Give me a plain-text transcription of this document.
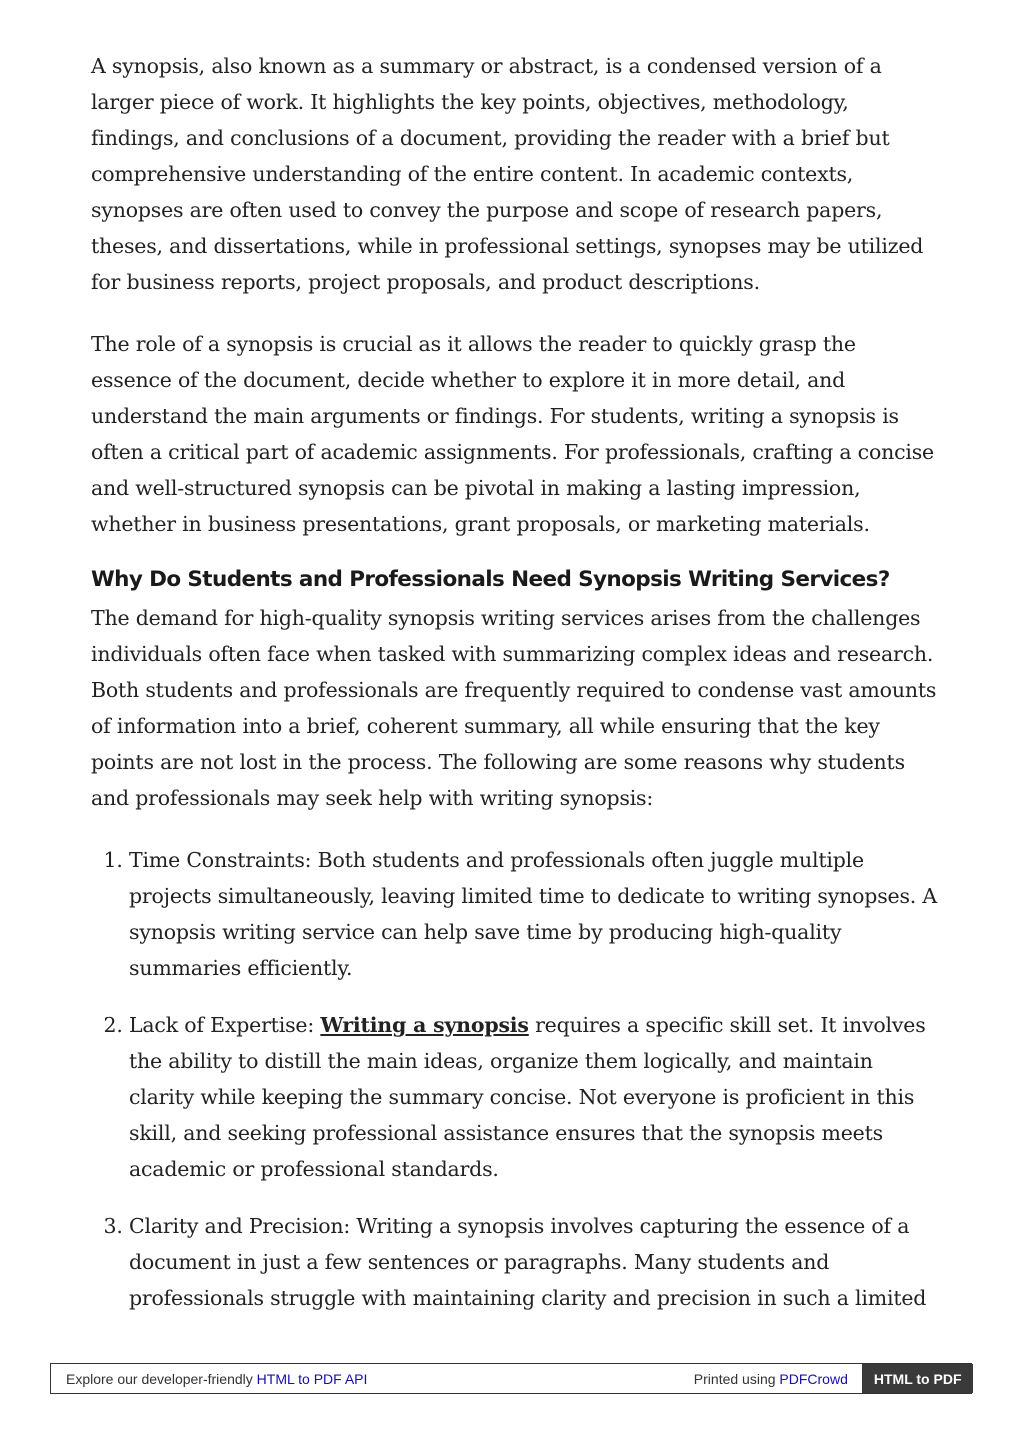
A synopsis, also known as a summary or abstract, is a condensed version of a larger piece of work. It highlights the key points, objectives, methodology, findings, and conclusions of a document, providing the reader with a brief but comprehensive understanding of the entire content. In academic contexts, synopses are often used to convey the purpose and scope of research papers, theses, and dissertations, while in professional settings, synopses may be utilized for business reports, project proposals, and product descriptions.

The role of a synopsis is crucial as it allows the reader to quickly grasp the essence of the document, decide whether to explore it in more detail, and understand the main arguments or findings. For students, writing a synopsis is often a critical part of academic assignments. For professionals, crafting a concise and well-structured synopsis can be pivotal in making a lasting impression, whether in business presentations, grant proposals, or marketing materials.

Why Do Students and Professionals Need Synopsis Writing Services?

The demand for high-quality synopsis writing services arises from the challenges individuals often face when tasked with summarizing complex ideas and research. Both students and professionals are frequently required to condense vast amounts of information into a brief, coherent summary, all while ensuring that the key points are not lost in the process. The following are some reasons why students and professionals may seek help with writing synopsis:

1. Time Constraints: Both students and professionals often juggle multiple projects simultaneously, leaving limited time to dedicate to writing synopses. A synopsis writing service can help save time by producing high-quality summaries efficiently.
2. Lack of Expertise: Writing a synopsis requires a specific skill set. It involves the ability to distill the main ideas, organize them logically, and maintain clarity while keeping the summary concise. Not everyone is proficient in this skill, and seeking professional assistance ensures that the synopsis meets academic or professional standards.
3. Clarity and Precision: Writing a synopsis involves capturing the essence of a document in just a few sentences or paragraphs. Many students and professionals struggle with maintaining clarity and precision in such a limited
Explore our developer-friendly HTML to PDF API	Printed using PDFCrowd	HTML to PDF
